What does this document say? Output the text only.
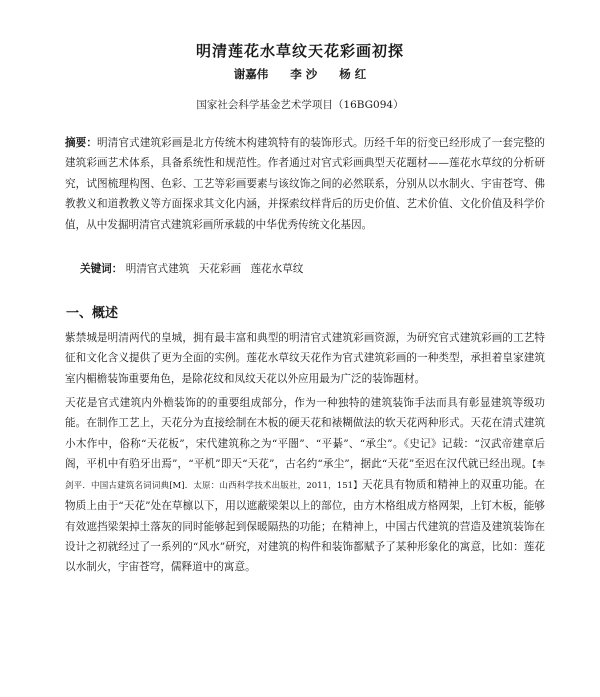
明清莲花水草纹天花彩画初探
谢嘉伟 李 沙 杨 红
国家社会科学基金艺术学项目（16BG094）
摘要：明清官式建筑彩画是北方传统木构建筑特有的装饰形式。历经千年的衍变已经形成了一套完整的建筑彩画艺术体系，具备系统性和规范性。作者通过对官式彩画典型天花题材——莲花水草纹的分析研究，试图梳理构图、色彩、工艺等彩画要素与该纹饰之间的必然联系，分别从以水制火、宇宙苍穹、佛教教义和道教教义等方面探求其文化内涵，并探索纹样背后的历史价值、艺术价值、文化价值及科学价值，从中发掘明清官式建筑彩画所承载的中华优秀传统文化基因。
关键词： 明清官式建筑 天花彩画 莲花水草纹
一、概述
紫禁城是明清两代的皇城，拥有最丰富和典型的明清官式建筑彩画资源，为研究官式建筑彩画的工艺特征和文化含义提供了更为全面的实例。莲花水草纹天花作为官式建筑彩画的一种类型，承担着皇家建筑室内楣檐装饰重要角色，是除花纹和凤纹天花以外应用最为广泛的装饰题材。
天花是官式建筑内外檐装饰的的重要组成部分，作为一种独特的建筑装饰手法而具有彰显建筑等级功能。在制作工艺上，天花分为直接绘制在木板的硬天花和裱糊做法的软天花两种形式。天花在清式建筑小木作中，俗称“天花板”，宋代建筑称之为“平闇”、“平綦”、“承尘”。《史记》记载：“汉武帝建章后阁，平机中有驺牙出焉”，“平机”即天“天花”，古名约“承尘”，据此“天花”至迟在汉代就已经出现。【李剑平．中国古建筑名词词典[M]．太原：山西科学技术出版社，2011，151】天花具有物质和精神上的双重功能。在物质上由于“天花”处在草檩以下，用以遮蔽梁架以上的部位，由方木格组成方格网架，上钉木板，能够有效遮挡梁架掉土落灰的同时能够起到保暖隔热的功能；在精神上，中国古代建筑的营造及建筑装饰在设计之初就经过了一系列的“风水”研究，对建筑的构件和装饰都赋予了某种形象化的寓意，比如：莲花以水制火，宇宙苍穹，儒释道中的寓意。
